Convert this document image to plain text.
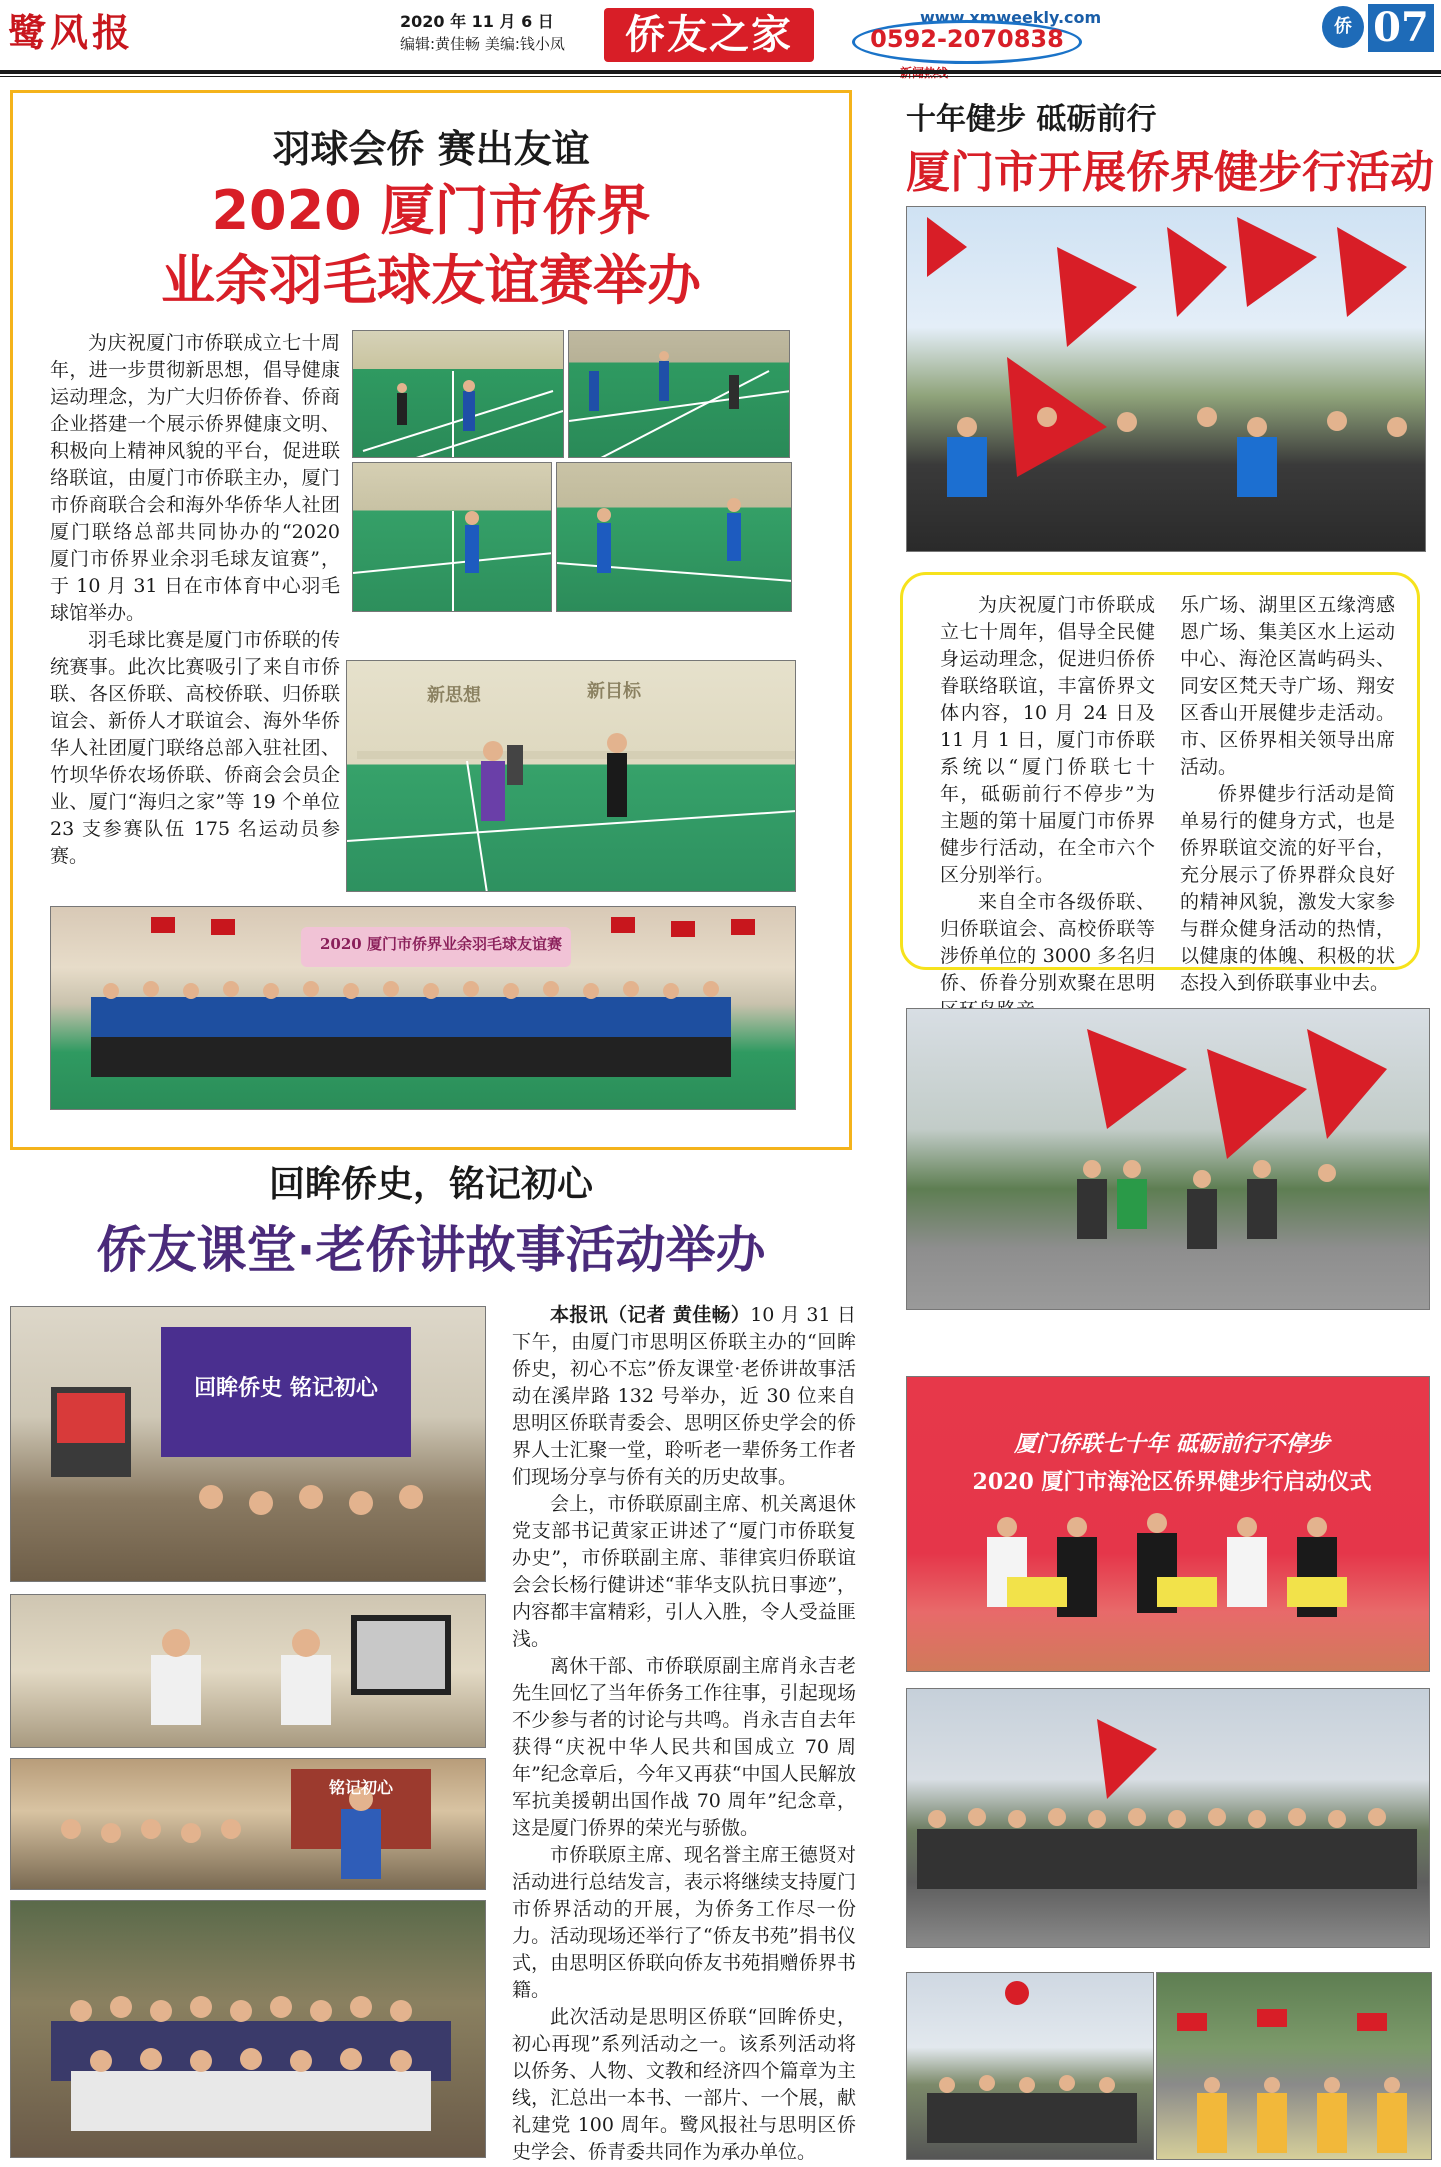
鹭风报	2020 年 11 月 6 日
编辑:黄佳畅 美编:钱小凤	侨友之家	www.xmweekly.com
0592-2070838	侨 07
羽球会侨 赛出友谊
2020 厦门市侨界
业余羽毛球友谊赛举办

为庆祝厦门市侨联成立七十周年，进一步贯彻新思想，倡导健康运动理念，为广大归侨侨眷、侨商企业搭建一个展示侨界健康文明、积极向上精神风貌的平台，促进联络联谊，由厦门市侨联主办，厦门市侨商联合会和海外华侨华人社团厦门联络总部共同协办的“2020 厦门市侨界业余羽毛球友谊赛”，于 10 月 31 日在市体育中心羽毛球馆举办。

羽毛球比赛是厦门市侨联的传统赛事。此次比赛吸引了来自市侨联、各区侨联、高校侨联、归侨联谊会、新侨人才联谊会、海外华侨华人社团厦门联络总部入驻社团、竹坝华侨农场侨联、侨商会会员企业、厦门“海归之家”等 19 个单位 23 支参赛队伍 175 名运动员参赛。

新思想	新目标
2020 厦门市侨界业余羽毛球友谊赛
十年健步 砥砺前行
厦门市开展侨界健步行活动

为庆祝厦门市侨联成立七十周年，倡导全民健身运动理念，促进归侨侨眷联络联谊，丰富侨界文体内容，10 月 24 日及 11 月 1 日，厦门市侨联系统以“厦门侨联七十年，砥砺前行不停步”为主题的第十届厦门市侨界健步行活动，在全市六个区分别举行。

来自全市各级侨联、归侨联谊会、高校侨联等涉侨单位的 3000 多名归侨、侨眷分别欢聚在思明

乐广场、湖里区五缘湾感恩广场、集美区水上运动中心、海沧区嵩屿码头、同安区梵天寺广场、翔安区香山开展健步走活动。市、区侨界相关领导出席活动。

侨界健步行活动是简单易行的健身方式，也是侨界联谊交流的好平台，充分展示了侨界群众良好的精神风貌，激发大家参与群众健身活动的热情，以健康的体魄、积极的状态投入到侨联事业中去。

厦门侨联七十年 砥砺前行不停步
2020 厦门市海沧区侨界健步行启动仪式
回眸侨史，铭记初心
侨友课堂·老侨讲故事活动举办
回眸侨史 铭记初心
铭记初心

本报讯（记者 黄佳畅）10 月 31 日下午，由厦门市思明区侨联主办的“回眸侨史，初心不忘”侨友课堂·老侨讲故事活动在溪岸路 132 号举办，近 30 位来自思明区侨联青委会、思明区侨史学会的侨界人士汇聚一堂，聆听老一辈侨务工作者们现场分享与侨有关的历史故事。

会上，市侨联原副主席、机关离退休党支部书记黄家正讲述了“厦门市侨联复办史”，市侨联副主席、菲律宾归侨联谊会会长杨行健讲述“菲华支队抗日事迹”，内容都丰富精彩，引人入胜，令人受益匪浅。

离休干部、市侨联原副主席肖永吉老先生回忆了当年侨务工作往事，引起现场不少参与者的讨论与共鸣。肖永吉自去年获得“庆祝中华人民共和国成立 70 周年”纪念章后，今年又再获“中国人民解放军抗美援朝出国作战 70 周年”纪念章，这是厦门侨界的荣光与骄傲。

市侨联原主席、现名誉主席王德贤对活动进行总结发言，表示将继续支持厦门市侨界活动的开展，为侨务工作尽一份力。活动现场还举行了“侨友书苑”捐书仪式，由思明区侨联向侨友书苑捐赠侨界书籍。

此次活动是思明区侨联“回眸侨史，初心再现”系列活动之一。该系列活动将以侨务、人物、文教和经济四个篇章为主线，汇总出一本书、一部片、一个展，献礼建党 100 周年。鹭风报社与思明区侨史学会、侨青委共同作为承办单位。
